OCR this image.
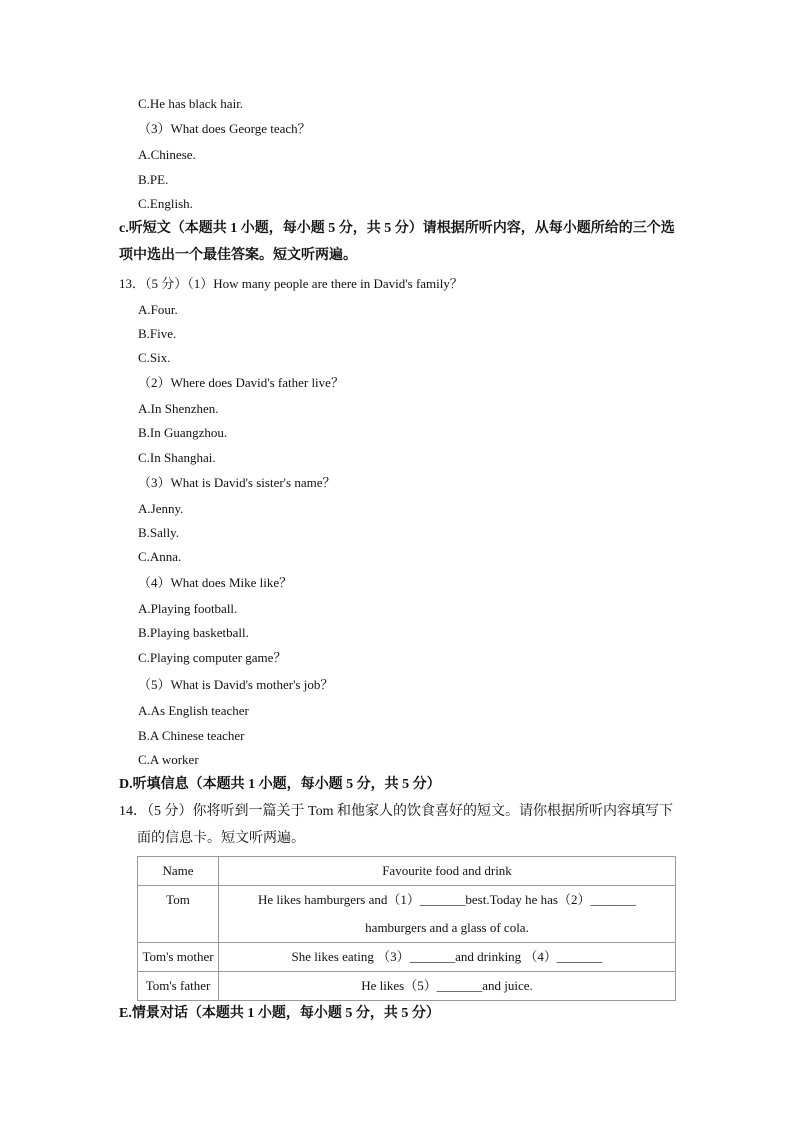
C.He has black hair.
（3）What does George teach？
A.Chinese.
B.PE.
C.English.
c.听短文（本题共 1 小题，每小题 5 分，共 5 分）请根据所听内容，从每小题所给的三个选
项中选出一个最佳答案。短文听两遍。
13．（5 分）（1）How many people are there in David's family？
A.Four.
B.Five.
C.Six.
（2）Where does David's father live？
A.In Shenzhen.
B.In Guangzhou.
C.In Shanghai.
（3）What is David's sister's name？
A.Jenny.
B.Sally.
C.Anna.
（4）What does Mike like？
A.Playing football.
B.Playing basketball.
C.Playing computer game？
（5）What is David's mother's job？
A.As English teacher
B.A Chinese teacher
C.A worker
D.听填信息（本题共 1 小题，每小题 5 分，共 5 分）
14．（5 分）你将听到一篇关于 Tom 和他家人的饮食喜好的短文。请你根据所听内容填写下
面的信息卡。短文听两遍。
Name	Favourite food and drink
Tom	He likes hamburgers and（1）_______best.Today he has（2）_______
hamburgers and a glass of cola.

Tom's mother	She likes eating （3）_______and drinking （4）_______
Tom's father	He likes（5）_______and juice.
E.情景对话（本题共 1 小题，每小题 5 分，共 5 分）
